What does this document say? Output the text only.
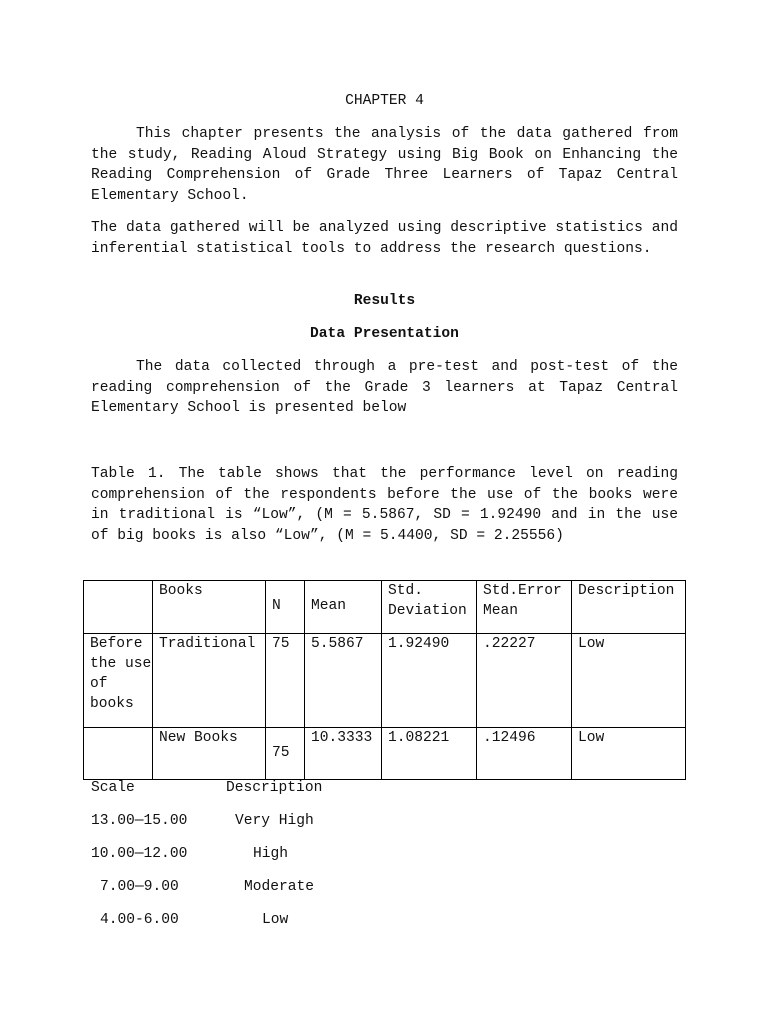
CHAPTER 4

This chapter presents the analysis of the data gathered from the study, Reading Aloud Strategy using Big Book on Enhancing the Reading Comprehension of Grade Three Learners of Tapaz Central Elementary School.

The data gathered will be analyzed using descriptive statistics and inferential statistical tools to address the research questions.

Results

Data Presentation

The data collected through a pre-test and post-test of the reading comprehension of the Grade 3 learners at Tapaz Central Elementary School is presented below

Table 1. The table shows that the performance level on reading comprehension of the respondents before the use of the books were in traditional is “Low”, (M = 5.5867, SD = 1.92490 and in the use of big books is also “Low”, (M = 5.4400, SD = 2.25556)

	Books	N	Mean	Std. Deviation	Std.Error Mean	Description
Before the use of books	Traditional	75	5.5867	1.92490	.22227	Low
	New Books	75	10.3333	1.08221	.12496	Low
Scale	Description
13.00—15.00	Very High
10.00—12.00	High
7.00—9.00	Moderate
4.00-6.00	Low
